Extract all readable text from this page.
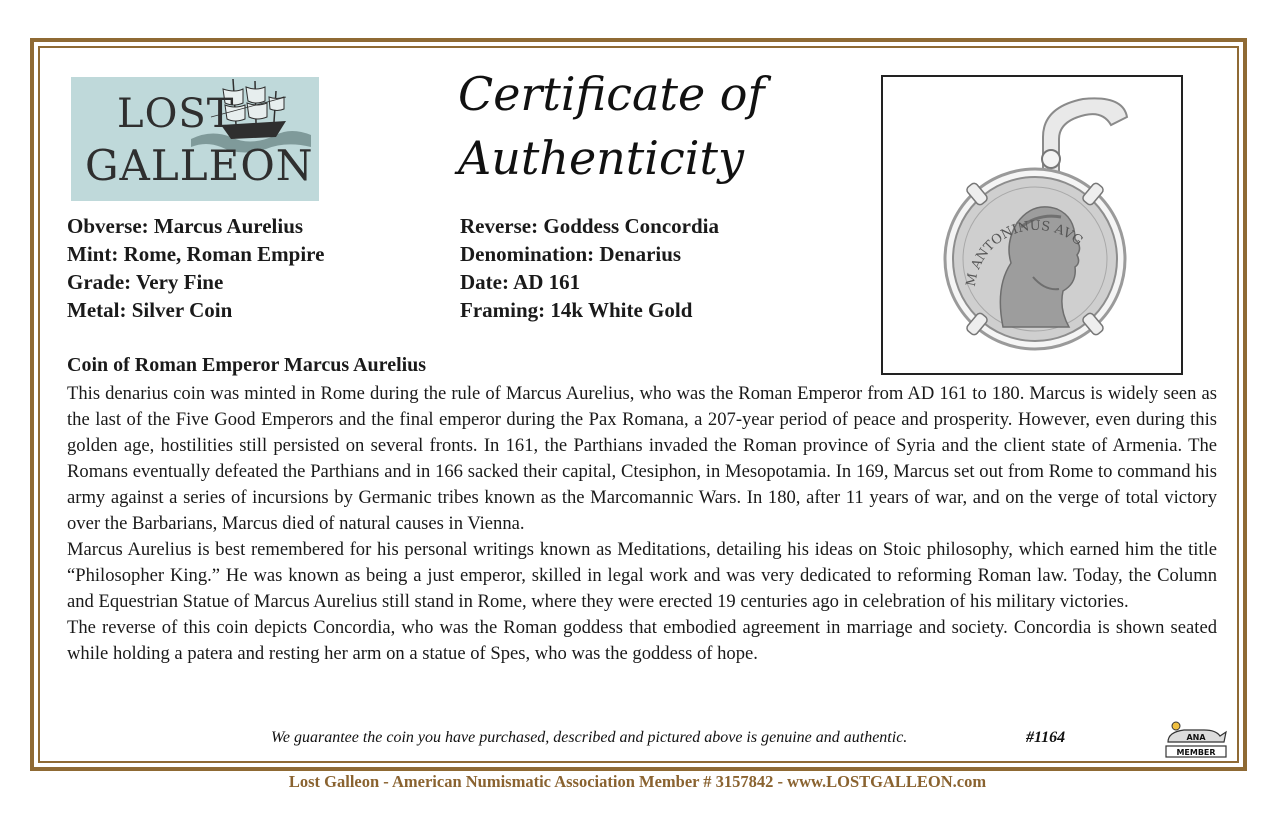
LOST
GALLEON
Certificate of Authenticity
M ANTONINUS AVG
Obverse: Marcus Aurelius
Mint: Rome, Roman Empire
Grade: Very Fine
Metal: Silver Coin
Reverse: Goddess Concordia
Denomination: Denarius
Date: AD 161
Framing: 14k White Gold
Coin of Roman Emperor Marcus Aurelius

This denarius coin was minted in Rome during the rule of Marcus Aurelius, who was the Roman Emperor from AD 161 to 180. Marcus is widely seen as the last of the Five Good Emperors and the final emperor during the Pax Romana, a 207-year period of peace and prosperity. However, even during this golden age, hostilities still persisted on several fronts. In 161, the Parthians invaded the Roman province of Syria and the client state of Armenia. The Romans eventually defeated the Parthians and in 166 sacked their capital, Ctesiphon, in Mesopotamia. In 169, Marcus set out from Rome to command his army against a series of incursions by Germanic tribes known as the Marcomannic Wars. In 180, after 11 years of war, and on the verge of total victory over the Barbarians, Marcus died of natural causes in Vienna.

Marcus Aurelius is best remembered for his personal writings known as Meditations, detailing his ideas on Stoic philosophy, which earned him the title “Philosopher King.” He was known as being a just emperor, skilled in legal work and was very dedicated to reforming Roman law. Today, the Column and Equestrian Statue of Marcus Aurelius still stand in Rome, where they were erected 19 centuries ago in celebration of his military victories.

The reverse of this coin depicts Concordia, who was the Roman goddess that embodied agreement in marriage and society. Concordia is shown seated while holding a patera and resting her arm on a statue of Spes, who was the goddess of hope.

We guarantee the coin you have purchased, described and pictured above is genuine and authentic.	#1164	ANA
MEMBER
Lost Galleon - American Numismatic Association Member # 3157842 - www.LOSTGALLEON.com
